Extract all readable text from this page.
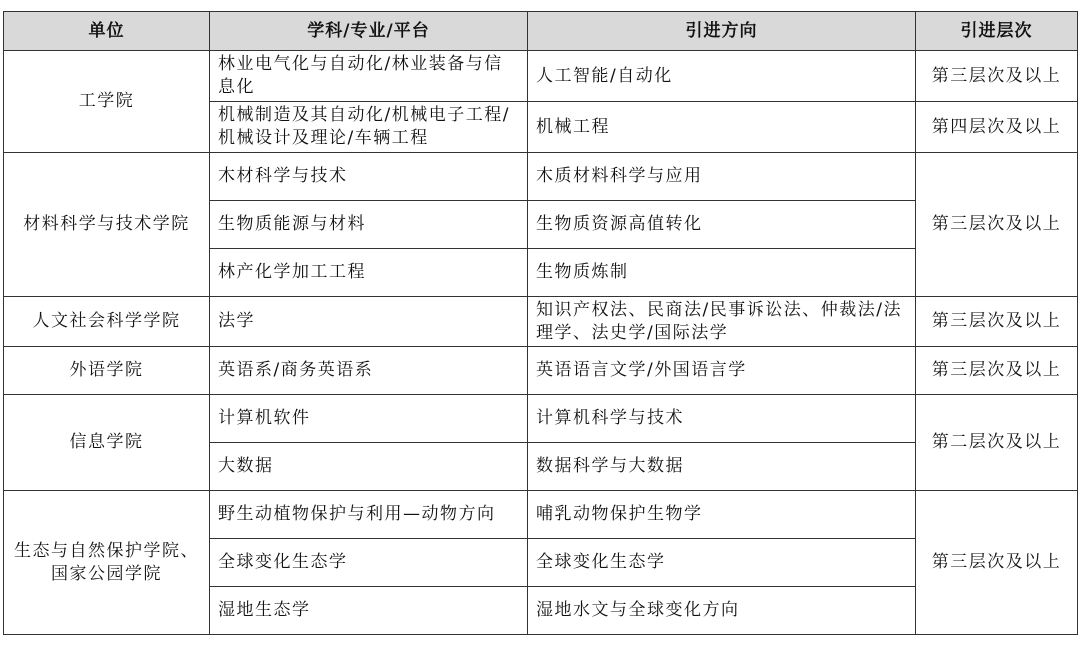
单位	学科/专业/平台	引进方向	引进层次
工学院	林业电气化与自动化/林业装备与信息化	人工智能/自动化	第三层次及以上
	机械制造及其自动化/机械电子工程/机械设计及理论/车辆工程	机械工程	第四层次及以上
材料科学与技术学院	木材科学与技术	木质材料科学与应用	第三层次及以上
	生物质能源与材料	生物质资源高值转化	
	林产化学加工工程	生物质炼制	
人文社会科学学院	法学	知识产权法、民商法/民事诉讼法、仲裁法/法理学、法史学/国际法学	第三层次及以上
外语学院	英语系/商务英语系	英语语言文学/外国语言学	第三层次及以上
信息学院	计算机软件	计算机科学与技术	第二层次及以上
	大数据	数据科学与大数据	
生态与自然保护学院、国家公园学院	野生动植物保护与利用—动物方向	哺乳动物保护生物学	第三层次及以上
	全球变化生态学	全球变化生态学	
	湿地生态学	湿地水文与全球变化方向	
